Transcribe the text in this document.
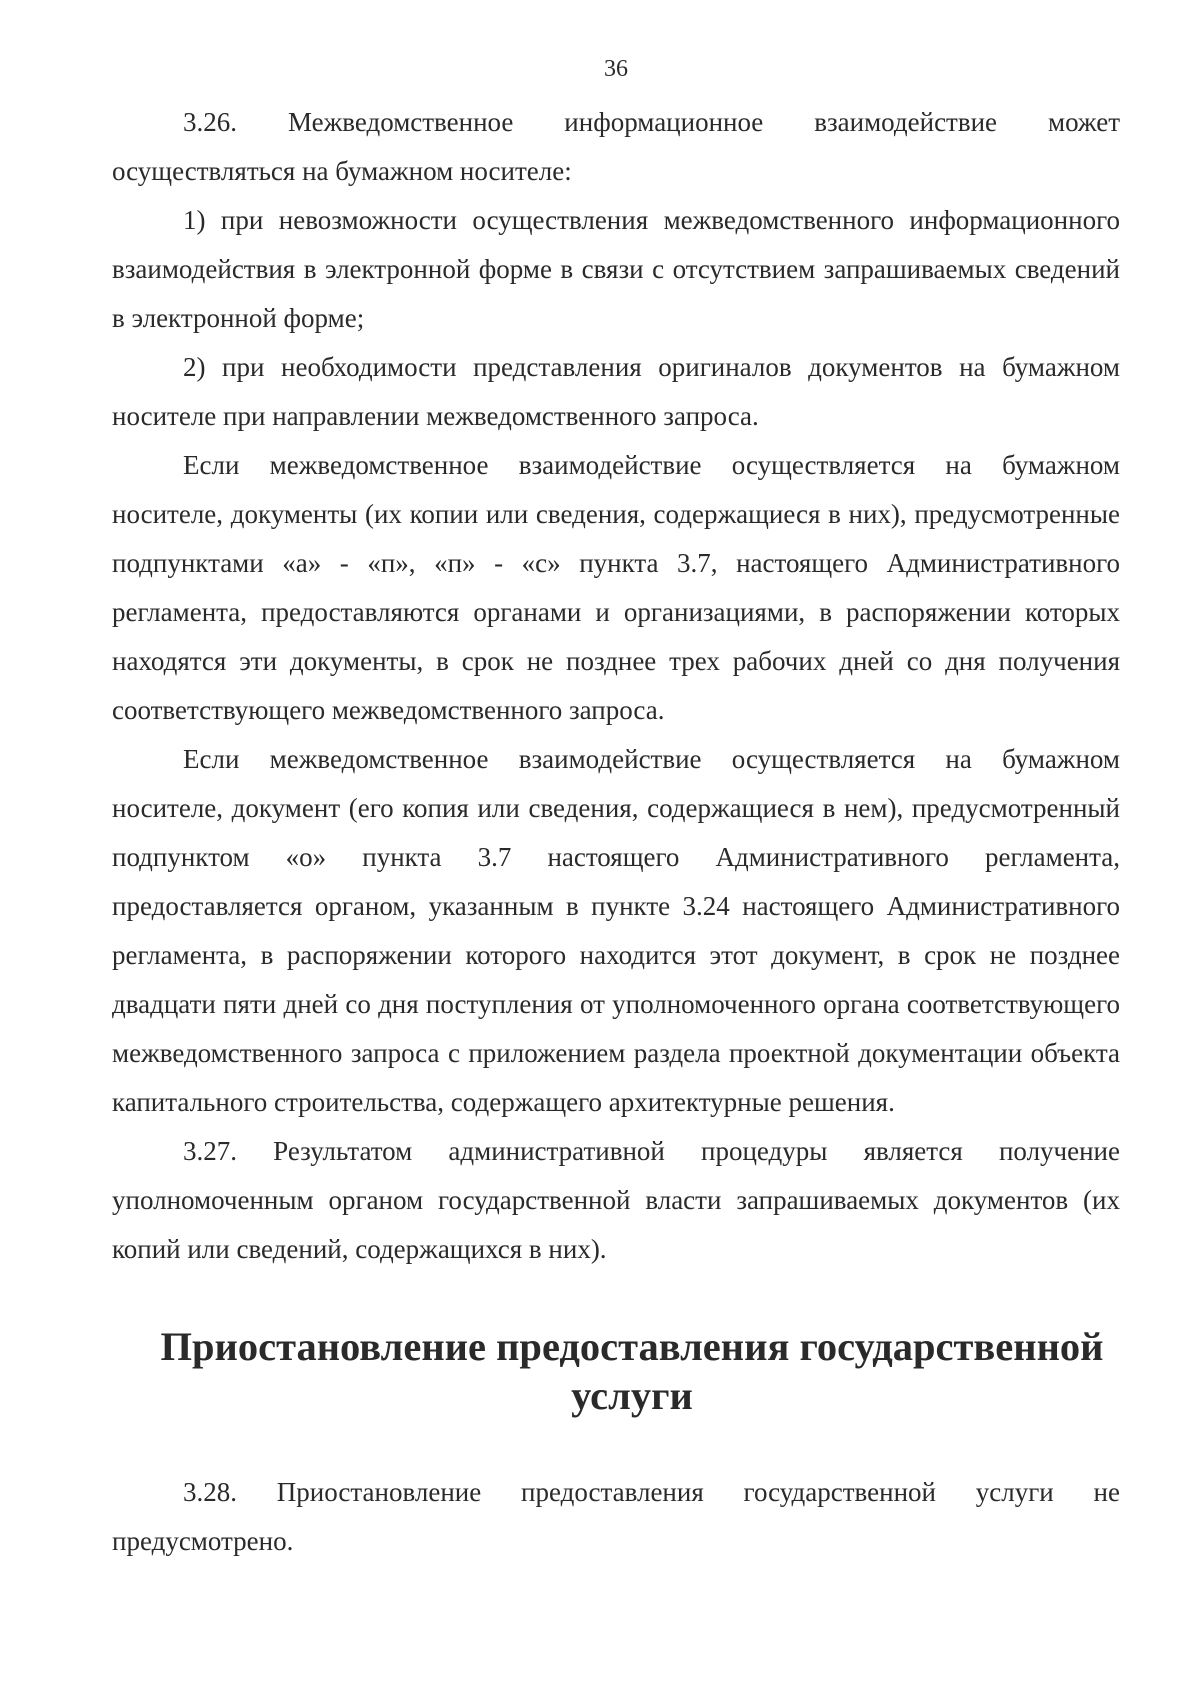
36

3.26. Межведомственное информационное взаимодействие может осуществляться на бумажном носителе:

1) при невозможности осуществления межведомственного информационного взаимодействия в электронной форме в связи с отсутствием запрашиваемых сведений в электронной форме;

2) при необходимости представления оригиналов документов на бумажном носителе при направлении межведомственного запроса.

Если межведомственное взаимодействие осуществляется на бумажном носителе, документы (их копии или сведения, содержащиеся в них), предусмотренные подпунктами «а» - «п», «п» - «с» пункта 3.7, настоящего Административного регламента, предоставляются органами и организациями, в распоряжении которых находятся эти документы, в срок не позднее трех рабочих дней со дня получения соответствующего межведомственного запроса.

Если межведомственное взаимодействие осуществляется на бумажном носителе, документ (его копия или сведения, содержащиеся в нем), предусмотренный подпунктом «о» пункта 3.7 настоящего Административного регламента, предоставляется органом, указанным в пункте 3.24 настоящего Административного регламента, в распоряжении которого находится этот документ, в срок не позднее двадцати пяти дней со дня поступления от уполномоченного органа соответствующего межведомственного запроса с приложением раздела проектной документации объекта капитального строительства, содержащего архитектурные решения.

3.27. Результатом административной процедуры является получение уполномоченным органом государственной власти запрашиваемых документов (их копий или сведений, содержащихся в них).

Приостановление предоставления государственной услуги

3.28. Приостановление предоставления государственной услуги не предусмотрено.
